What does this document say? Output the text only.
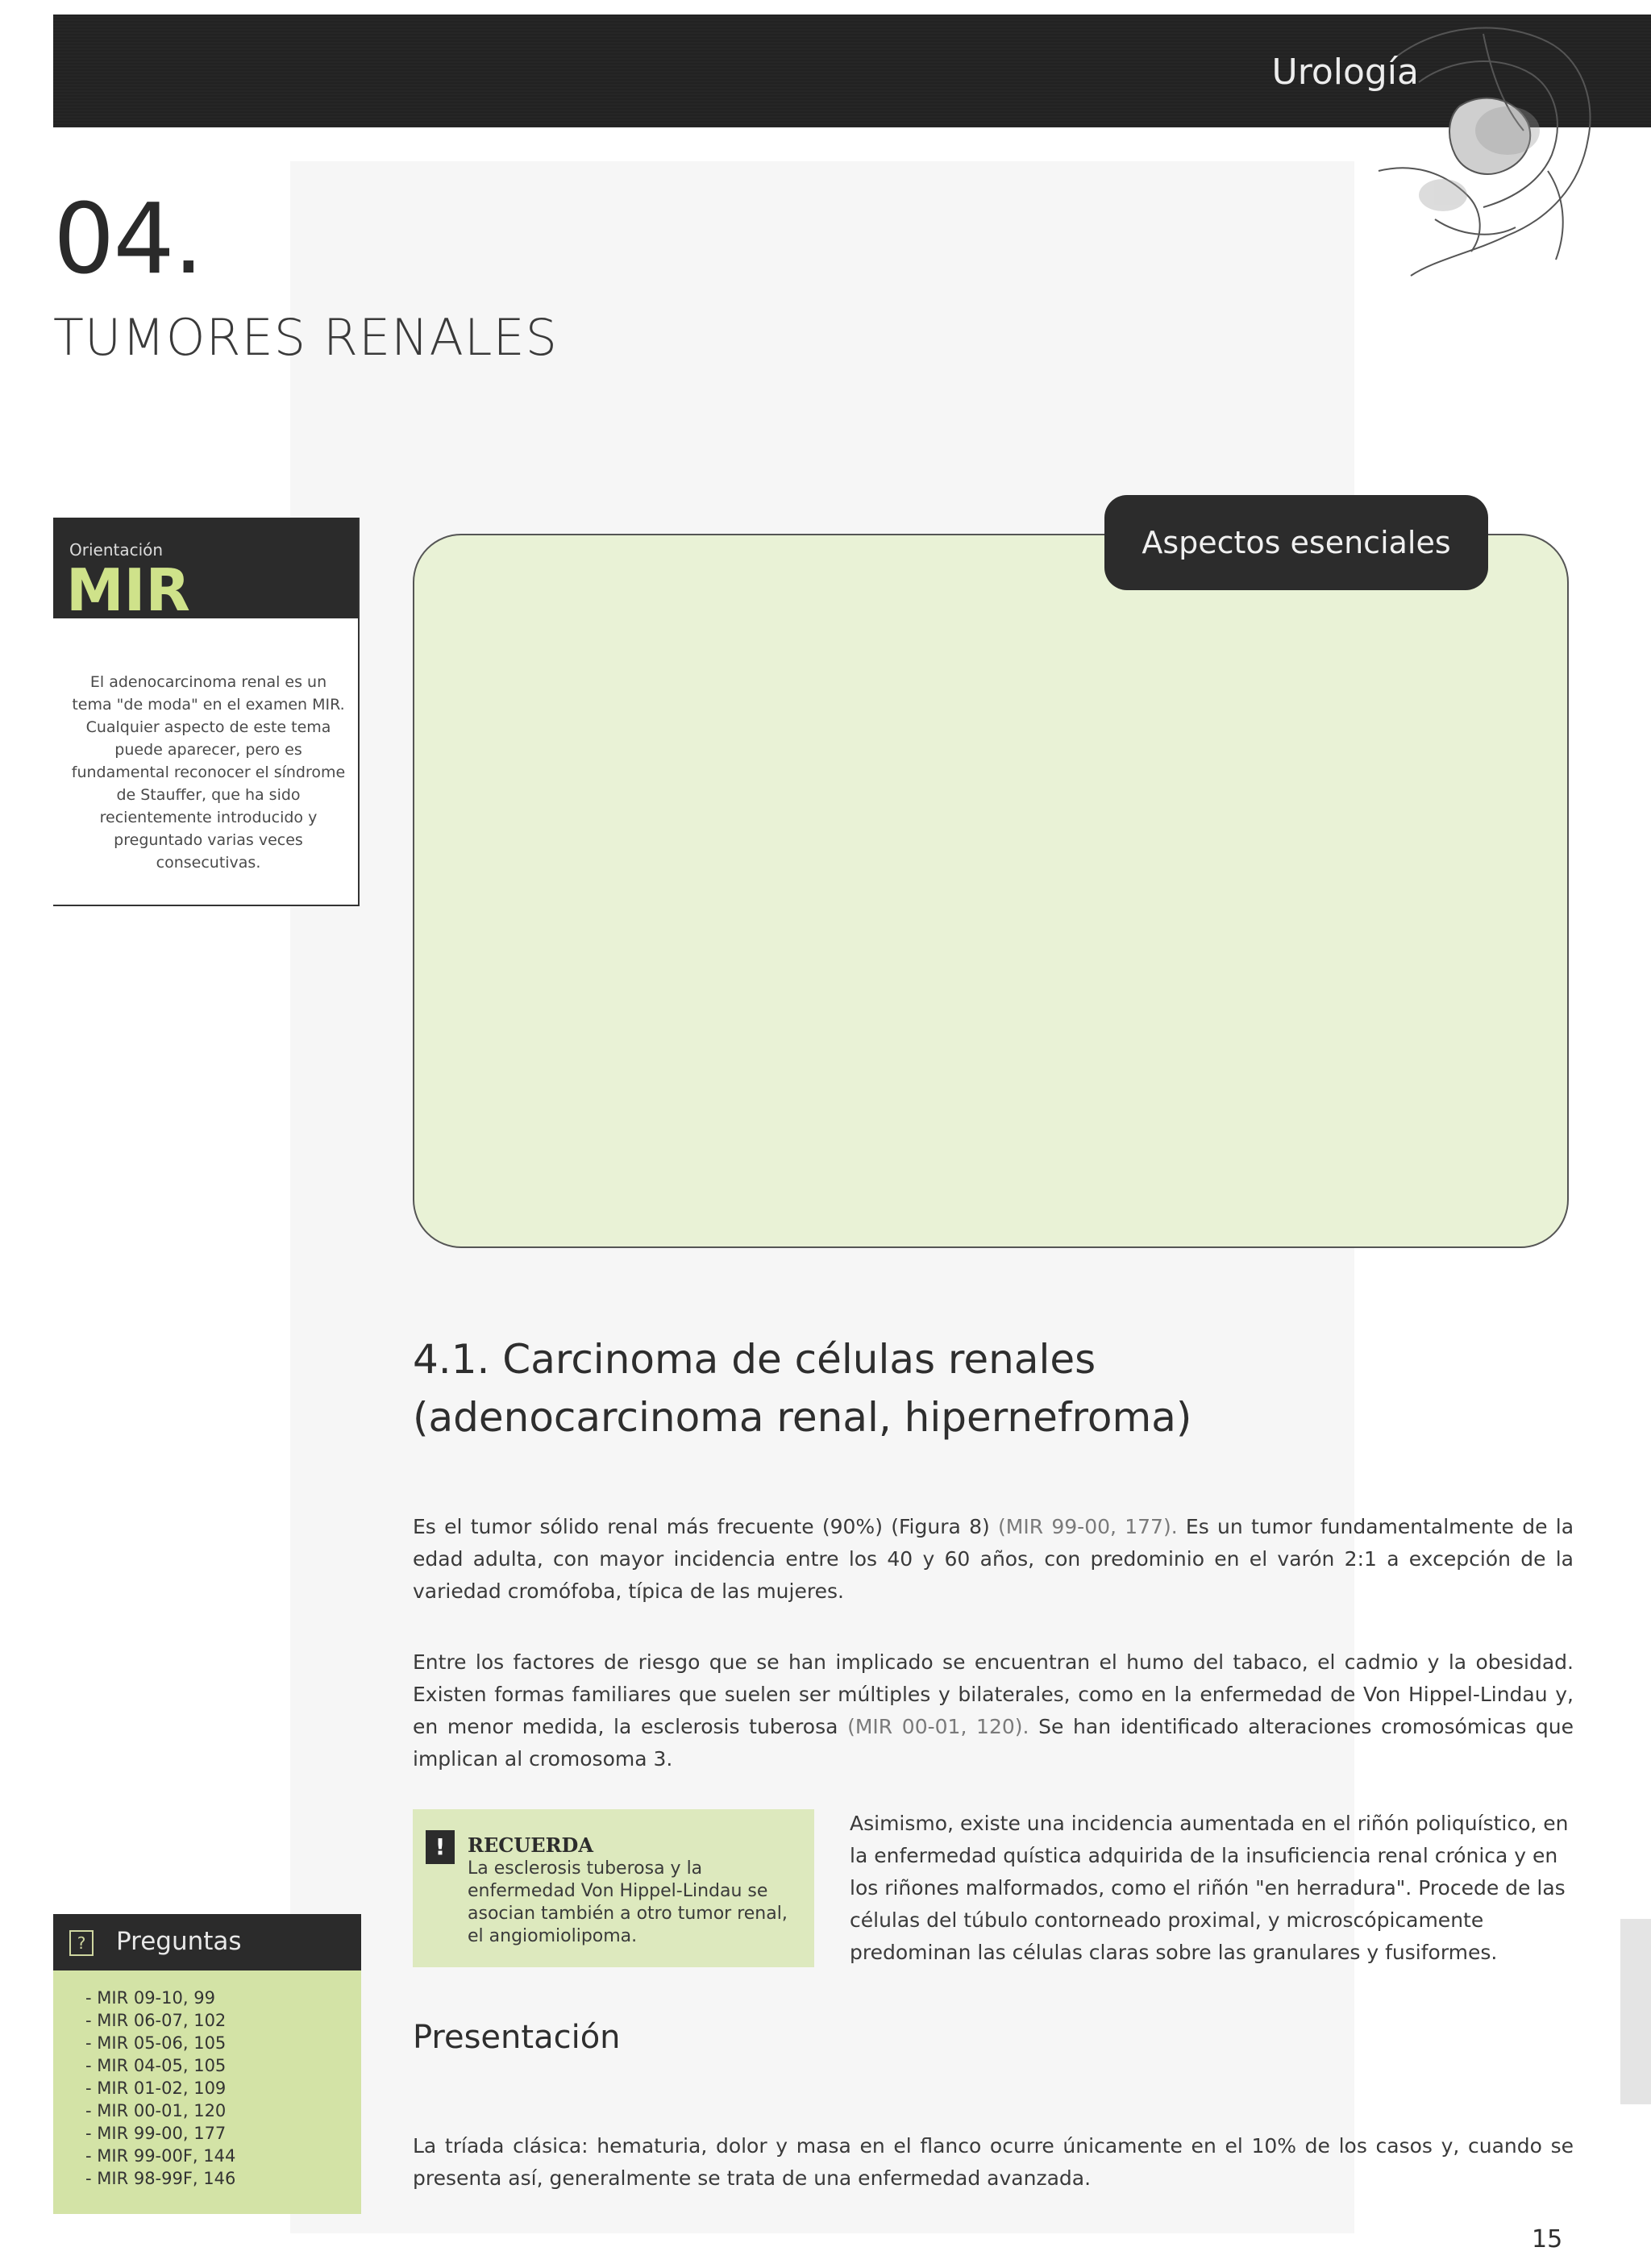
Urología
04.
TUMORES RENALES
Orientación
MIR
El adenocarcinoma renal es un tema "de moda" en el examen MIR. Cualquier aspecto de este tema puede aparecer, pero es fundamental reconocer el síndrome de Stauffer, que ha sido recientemente introducido y preguntado varias veces consecutivas.
Aspectos esenciales
4.1. Carcinoma de células renales
(adenocarcinoma renal, hipernefroma)
Es el tumor sólido renal más frecuente (90%) (Figura 8) (MIR 99-00, 177). Es un tumor fundamentalmente de la edad adulta, con mayor incidencia entre los 40 y 60 años, con predominio en el varón 2:1 a excepción de la variedad cromófoba, típica de las mujeres.
Entre los factores de riesgo que se han implicado se encuentran el humo del tabaco, el cadmio y la obesidad. Existen formas familiares que suelen ser múltiples y bilaterales, como en la enfermedad de Von Hippel-Lindau y, en menor medida, la esclerosis tuberosa (MIR 00-01, 120). Se han identificado alteraciones cromosómicas que implican al cromosoma 3.
!	RECUERDA
La esclerosis tuberosa y la enfermedad Von Hippel-Lindau se asocian también a otro tumor renal, el angiomiolipoma.
Asimismo, existe una incidencia aumentada en el riñón poliquístico, en la enfermedad quística adquirida de la insuficiencia renal crónica y en los riñones malformados, como el riñón "en herradura". Procede de las células del túbulo contorneado proximal, y microscópicamente predominan las células claras sobre las granulares y fusiformes.
Presentación
La tríada clásica: hematuria, dolor y masa en el flanco ocurre únicamente en el 10% de los casos y, cuando se presenta así, generalmente se trata de una enfermedad avanzada.
?	Preguntas
- MIR 09-10, 99
- MIR 06-07, 102
- MIR 05-06, 105
- MIR 04-05, 105
- MIR 01-02, 109
- MIR 00-01, 120
- MIR 99-00, 177
- MIR 99-00F, 144
- MIR 98-99F, 146
15
